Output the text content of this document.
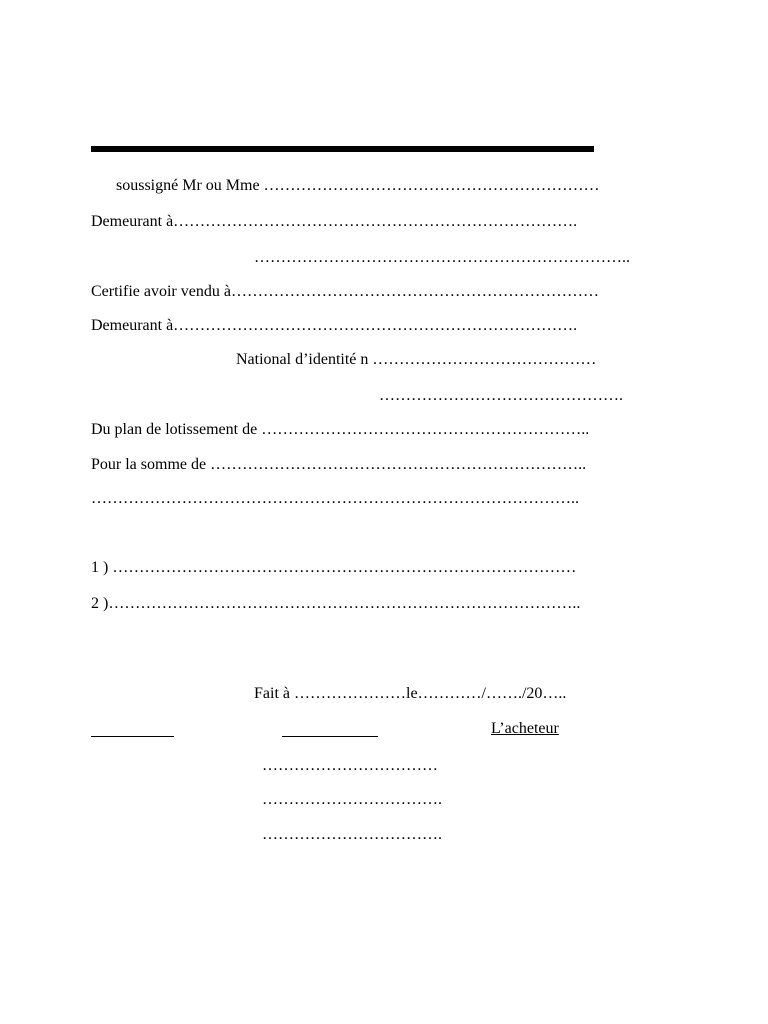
soussigné Mr ou Mme ………………………………………………………
Demeurant à………………………………………………………………….
……………………………………………………………..
Certifie avoir vendu à……………………………………………………………
Demeurant à………………………………………………………………….
National d’identité n ……………………………………
……………………………………….
Du plan de lotissement de ……………………………………………………..
Pour la somme de ……………………………………………………………..
………………………………………………………………………………..
1 ) ……………………………………………………………………………
2 )……………………………………………………………………………..
Fait à …………………le…………/……./20…..
L’acheteur
……………………………
…………………………….
…………………………….
